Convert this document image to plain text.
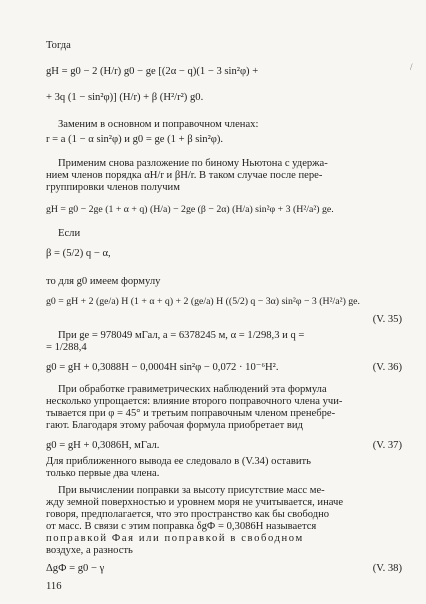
Тогда
gН = g0 − 2 (H/r) g0 − ge [(2α − q)(1 − 3 sin²φ) +
+ 3q (1 − sin²φ)] (H/r) + β (H²/r²) g0.
Заменим в основном и поправочном членах:
r = a (1 − α sin²φ) и g0 = ge (1 + β sin²φ).
Применим снова разложение по биному Ньютона с удержа-
нием членов порядка αH/r и βH/r. В таком случае после пере-
группировки членов получим
gН = g0 − 2ge (1 + α + q) (H/a) − 2ge (β − 2α) (H/a) sin²φ + 3 (H²/a²) ge.
Если
β = (5/2) q − α,
то для g0 имеем формулу
g0 = gН + 2 (ge/a) H (1 + α + q) + 2 (ge/a) H ((5/2) q − 3α) sin²φ − 3 (H²/a²) ge.
(V. 35)
При ge = 978049 мГал, a = 6378245 м, α = 1/298,3 и q =
= 1/288,4
g0 = gН + 0,3088H − 0,0004H sin²φ − 0,072 · 10⁻⁶H².	(V. 36)
При обработке гравиметрических наблюдений эта формула
несколько упрощается: влияние второго поправочного члена учи-
тывается при φ = 45° и третьим поправочным членом пренебре-
гают. Благодаря этому рабочая формула приобретает вид
g0 = gН + 0,3086H, мГал.	(V. 37)
Для приближенного вывода ее следовало в (V.34) оставить
только первые два члена.
При вычислении поправки за высоту присутствие масс ме-
жду земной поверхностью и уровнем моря не учитывается, иначе
говоря, предполагается, что это пространство как бы свободно
от масс. В связи с этим поправка δgФ = 0,3086H называется
поправкой Фая или поправкой в свободном
воздухе, а разность
ΔgФ = g0 − γ	(V. 38)
116
/
